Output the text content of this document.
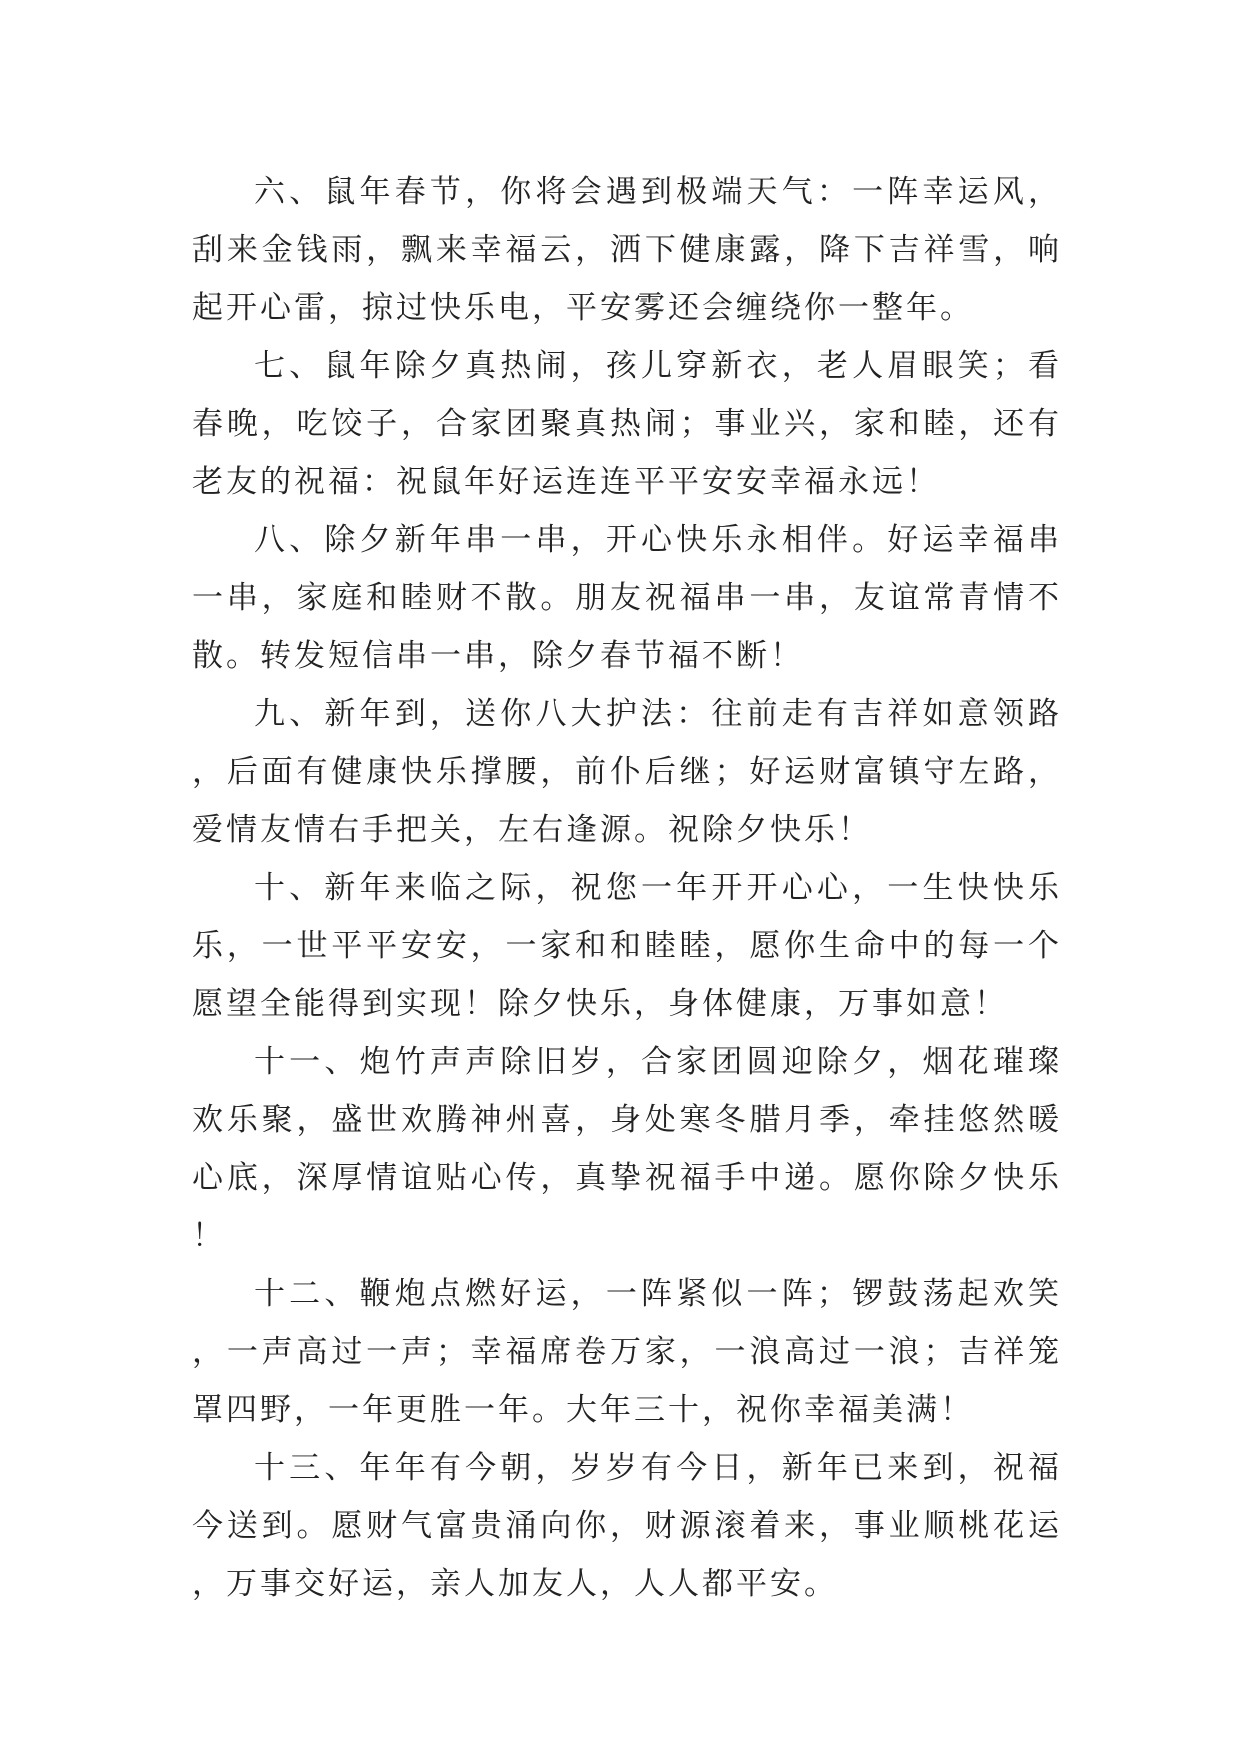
六、鼠年春节，你将会遇到极端天气：一阵幸运风，刮来金钱雨，飘来幸福云，洒下健康露，降下吉祥雪，响起开心雷，掠过快乐电，平安雾还会缠绕你一整年。

七、鼠年除夕真热闹，孩儿穿新衣，老人眉眼笑；看春晚，吃饺子，合家团聚真热闹；事业兴，家和睦，还有老友的祝福：祝鼠年好运连连平平安安幸福永远！

八、除夕新年串一串，开心快乐永相伴。好运幸福串一串，家庭和睦财不散。朋友祝福串一串，友谊常青情不散。转发短信串一串，除夕春节福不断！

九、新年到，送你八大护法：往前走有吉祥如意领路，后面有健康快乐撑腰，前仆后继；好运财富镇守左路，爱情友情右手把关，左右逢源。祝除夕快乐！

十、新年来临之际，祝您一年开开心心，一生快快乐乐，一世平平安安，一家和和睦睦，愿你生命中的每一个愿望全能得到实现！除夕快乐，身体健康，万事如意！

十一、炮竹声声除旧岁，合家团圆迎除夕，烟花璀璨欢乐聚，盛世欢腾神州喜，身处寒冬腊月季，牵挂悠然暖心底，深厚情谊贴心传，真挚祝福手中递。愿你除夕快乐！

十二、鞭炮点燃好运，一阵紧似一阵；锣鼓荡起欢笑，一声高过一声；幸福席卷万家，一浪高过一浪；吉祥笼罩四野，一年更胜一年。大年三十，祝你幸福美满！

十三、年年有今朝，岁岁有今日，新年已来到，祝福今送到。愿财气富贵涌向你，财源滚着来，事业顺桃花运，万事交好运，亲人加友人，人人都平安。
